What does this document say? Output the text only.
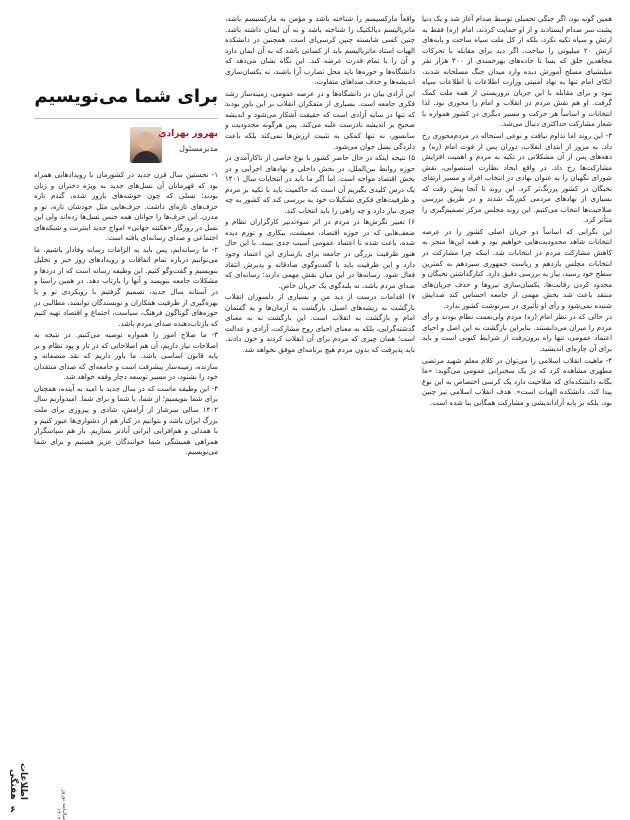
همین گونه بود، اگر جنگی تحمیلی توسط صدام آغاز شد و یک دنیا پشت سر صدام ایستادند و از او حمایت کردند، امام (ره) فقط به ارتش و سپاه تکیه نکرد، بلکه از کل ملت سپاه ساخت و پایه‌های ارتش ۲۰ میلیونی را ساخت. اگر دید برای مقابله با تحرکات مجاهدین خلق که بسا تا جاده‌های بهرحمندی از ۳۰۰ هزار نفر میلیشیای مسلح آموزش دیده وارد میدان جنگ مسلحانه شدند، اتکای امام تنها به نهاد امنیتی وزارت اطلاعات یا اطلاعات سپاه نبود و برای مقابله با این جریان تروریستی از همه ملت کمک گرفت. او هم نقش مردم در انقلاب و امام را محوری بود. لذا انتخابات و اساساً هر حرکت و مسیر دیگری در کشور همواره با شعار مشارکت حداکثری دنبال می‌شد.

۳- این روند اما تداوم نیافت و نوعی استحاله در مردم‌محوری رخ داد. به مرور از ابتدای انقلاب، دوران پس از فوت امام (ره) و دهه‌های پس از آن مشکلاتی در تکیه به مردم و اهمیت افزایش مشارکت‌ها رخ داد. در واقع ایجاد نظارت استصوابی، نقش شورای نگهبان را به عنوان نهادی در انتخاب افراد و مسیر ارتقای نخبگان در کشور پررنگ‌تر کرد. این روند تا آنجا پیش رفت که بسیاری از نهادهای مردمی کم‌رنگ شدند و در طریق بررسی صلاحیت‌ها انتخاب می‌کنیم. این روند مجلس مرکز تصمیم‌گیری را متأثر کرد.

این نگرانی که اساساً دو جریان اصلی کشور را در عرصه انتخابات شاهد محدودیت‌هایی خواهیم بود و همه این‌ها منجر به کاهش مشارکت مردم در انتخابات شد. اینکه چرا مشارکت در انتخابات مجلس یازدهم و ریاست جمهوری سیزدهم به کمترین سطح خود رسید، نیاز به بررسی دقیق دارد. کنارگذاشتن نخبگان و محدود کردن رقابت‌ها، یکسان‌سازی نیروها و حذف جریان‌های منتقد باعث شد بخش مهمی از جامعه احساس کند صدایش شنیده نمی‌شود و رأی او تأثیری در سرنوشت کشور ندارد.

در حالی که در نظر امام (ره) مردم ولی‌نعمت نظام بودند و رأی مردم را میزان می‌دانستند. بنابراین بازگشت به این اصل و احیای اعتماد عمومی، تنها راه برون‌رفت از شرایط کنونی است و باید برای آن چاره‌ای اندیشید.

۴- ماهیت انقلاب اسلامی را می‌توان در کلام معلم شهید مرتضی مطهری مشاهده کرد که در یک سخنرانی عمومی می‌گوید: «ما بگانه دانشکده‌ای که صلاحیت دارد یک کرسی اختصاص به این نوع پیدا کند، دانشکده الهیات است». هدف انقلاب اسلامی نیز چنین بود، بلکه بر پایه آزاد‌اندیشی و مشارکت همگانی بنا شده است.

واقعاً مارکسیسم را شناخته باشد و مؤمن به مارکسیسم باشد، ماتریالیسم دیالکتیک را شناخته باشد و به آن ایمان داشته باشد. چنین کسی شایسته چنین کرسی‌ای است. همچنین در دانشکده الهیات استاد ماتریالیسم باید از کسانی باشد که به آن ایمان دارد و آن را با تمام قدرت عرضه کند. این نگاه نشان می‌دهد که دانشگاه‌ها و حوزه‌ها باید محل تضارب آرا باشند، نه یکسان‌سازی اندیشه‌ها و حذف صداهای متفاوت.

این آزادی بیان در دانشگاه‌ها و در عرصه عمومی، زمینه‌ساز رشد فکری جامعه است. بسیاری از متفکران انقلاب بر این باور بودند که تنها در سایه آزادی است که حقیقت آشکار می‌شود و اندیشه صحیح بر اندیشه نادرست غلبه می‌کند. پس هرگونه محدودیت و سانسور، نه تنها کمکی به تثبیت ارزش‌ها نمی‌کند بلکه باعث دلزدگی نسل جوان می‌شود.

۵) نتیجه اینکه در حال حاضر کشور با نوع خاصی از ناکارآمدی در حوزه روابط بین‌الملل، در بخش داخلی و نهادهای اجرایی و در بخش اقتصاد مواجه است. اما اگر ما باید در انتخابات سال ۱۴۰۱ یک درس کلیدی بگیریم آن است که حاکمیت باید با تکیه بر مردم و ظرفیت‌های فکری تشکیلات خود به بررسی کند که کشور به چه چیزی نیاز دارد و چه راهی را باید انتخاب کند.

۶) تغییر نگرش‌ها در مردم در اثر سوءتدبیر کارگزاران نظام و ضعف‌هایی که در حوزه اقتصاد، معیشت، بیکاری و تورم دیده شده، باعث شده تا اعتماد عمومی آسیب جدی ببیند. با این حال هنوز ظرفیت بزرگی در جامعه برای بازسازی این اعتماد وجود دارد و این ظرفیت باید با گفت‌وگوی صادقانه و پذیرش انتقاد فعال شود. رسانه‌ها در این میان نقش مهمی دارند؛ رسانه‌ای که صدای مردم باشد، نه بلندگوی یک جریان خاص.

۷) اقدامات درست از دید من و بسیاری از دلسوزان انقلاب بازگشت به ریشه‌های اصیل، بازگشت به آرمان‌ها و به گفتمان امام و بازگشت به انقلاب است. این بازگشت نه به معنای گذشته‌گرایی، بلکه به معنای احیای روح مشارکت، آزادی و عدالت است؛ همان چیزی که مردم برای آن انقلاب کردند و خون دادند. باید پذیرفت که بدون مردم هیچ برنامه‌ای موفق نخواهد شد.

برای شما می‌نویسیم
بهروز بهزادی
مدیرمسئول

۱- نخستین سال قرن جدید در کشورمان با رویدادهایی همراه بود که قهرمانان آن نسل‌های جدید به ویژه دختران و زنان بودند؛ نسلی که چون خوشه‌های بارور شده، گندم تازه حرف‌های تازه‌ای داشت. حرف‌هایی مثل خودشان تازه، نو و مدرن. این حرف‌ها را جوانان همه جنس نسل‌ها زده‌اند ولی این نسل در روزگار «هکتنه جهانی» امواج جدید اینترنت و شبکه‌های اجتماعی و صدای رسانه‌ای یافته است.

۲- ما رسانه‌ایم، پس باید به الزامات رسانه وفادار باشیم. ما می‌توانیم درباره تمام اتفاقات و رویدادهای روز خبر و تحلیل بنویسیم و گفت‌وگو کنیم. این وظیفه رسانه است که از دردها و مشکلات جامعه بنویسد و آنها را بازتاب دهد. در همین راستا و در آستانه سال جدید، تصمیم گرفتیم با رویکردی نو و با بهره‌گیری از ظرفیت همکاران و نویسندگان توانمند، مطالبی در حوزه‌های گوناگون فرهنگ، سیاست، اجتماع و اقتصاد تهیه کنیم که بازتاب‌دهنده صدای مردم باشد.

۳- ما صلاح امور را همواره توصیه می‌کنیم. در نتیجه به اصلاحات نیاز داریم، آن هم اصلاحاتی که در تار و پود نظام و بر پایه قانون اساسی باشد. ما باور داریم که نقد منصفانه و سازنده، زمینه‌ساز پیشرفت است و جامعه‌ای که صدای منتقدان خود را نشنود، در مسیر توسعه دچار وقفه خواهد شد.

۴- این وظیفه ماست که در سال جدید با امید به آینده، همچنان برای شما بنویسیم؛ از شما، با شما و برای شما. امیدواریم سال ۱۴۰۲ سالی سرشار از آرامش، شادی و پیروزی برای ملت بزرگ ایران باشد و بتوانیم در کنار هم از دشواری‌ها عبور کنیم و با همدلی و هم‌افزایی ایرانی آبادتر بسازیم. باز هم سپاسگزار همراهی همیشگی شما خوانندگان عزیز هستیم و برای شما می‌نویسیم.

اطلاعات هفتگی
سالنامه نوروز ۱۴۰۲
۶
